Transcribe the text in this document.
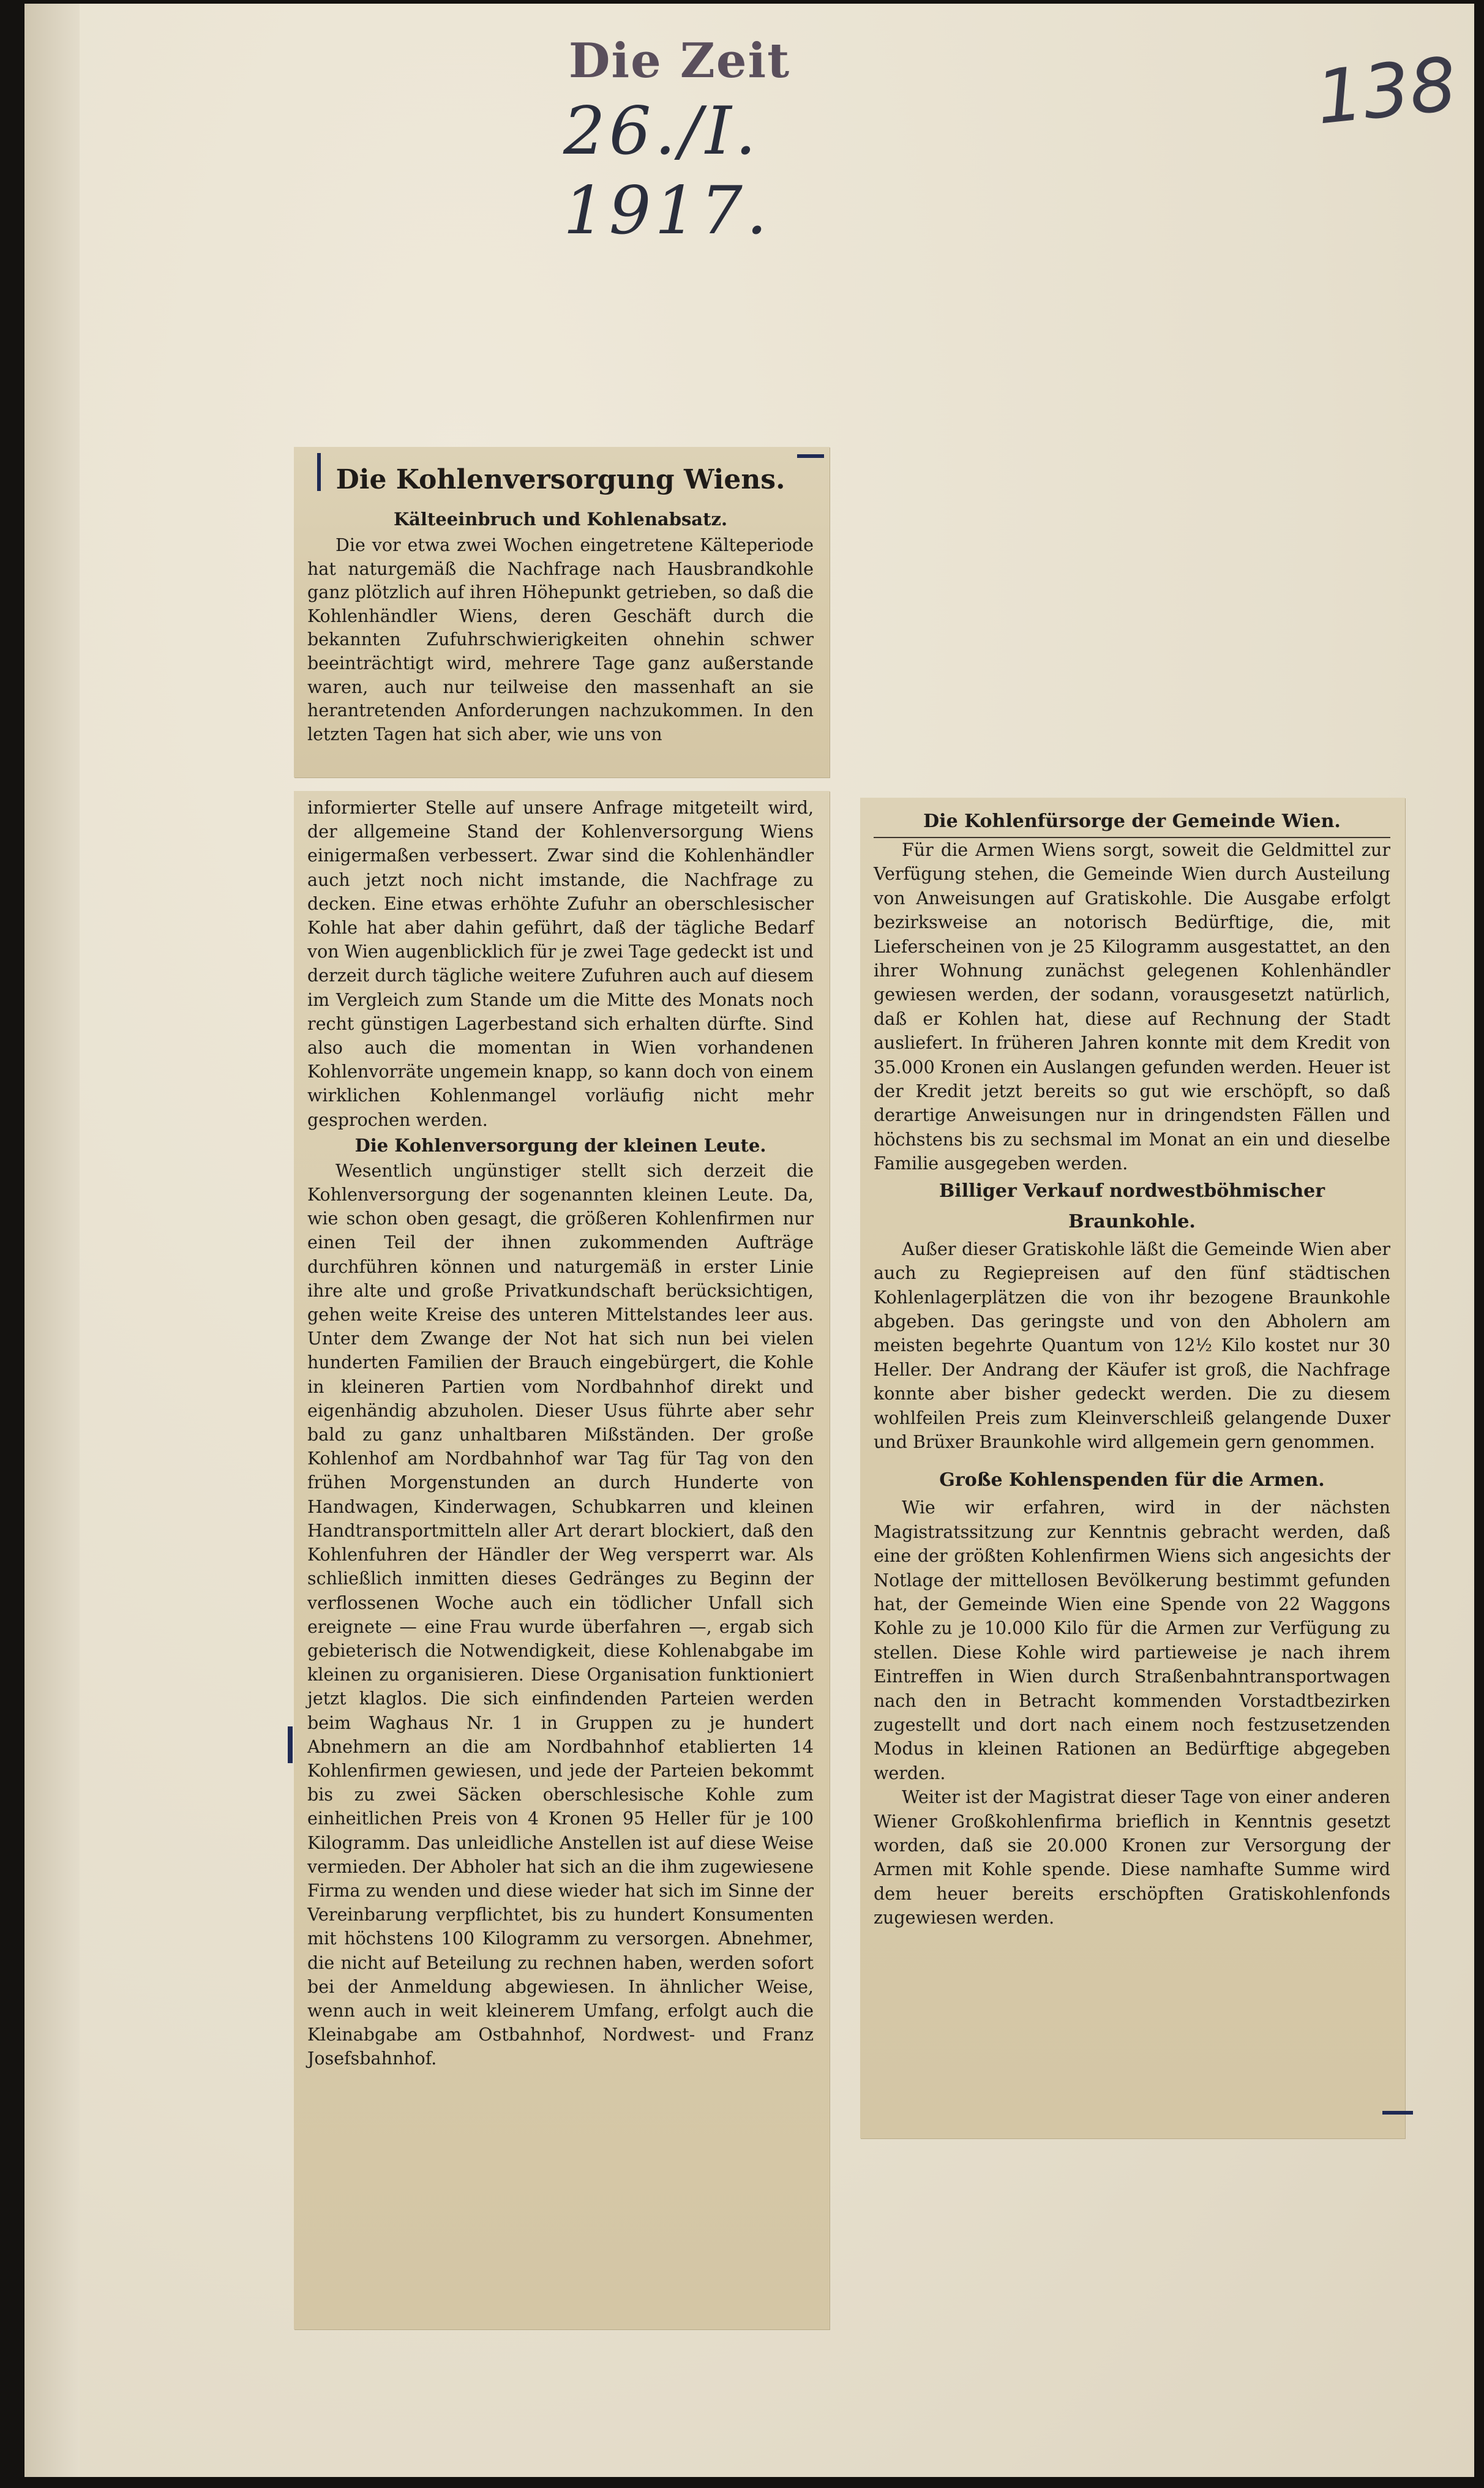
Die Zeit
26./I. 1917.
138
Die Kohlenversorgung Wiens.
Kälteeinbruch und Kohlenabsatz.

Die vor etwa zwei Wochen eingetretene Kälteperiode hat naturgemäß die Nachfrage nach Hausbrandkohle ganz plötzlich auf ihren Höhepunkt getrieben, so daß die Kohlenhändler Wiens, deren Geschäft durch die bekannten Zufuhrschwierigkeiten ohnehin schwer beeinträchtigt wird, mehrere Tage ganz außerstande waren, auch nur teilweise den massenhaft an sie herantretenden Anforderungen nachzukommen. In den letzten Tagen hat sich aber, wie uns von

informierter Stelle auf unsere Anfrage mitgeteilt wird, der allgemeine Stand der Kohlenversorgung Wiens einigermaßen verbessert. Zwar sind die Kohlenhändler auch jetzt noch nicht imstande, die Nachfrage zu decken. Eine etwas erhöhte Zufuhr an oberschlesischer Kohle hat aber dahin geführt, daß der tägliche Bedarf von Wien augenblicklich für je zwei Tage gedeckt ist und derzeit durch tägliche weitere Zufuhren auch auf diesem im Vergleich zum Stande um die Mitte des Monats noch recht günstigen Lagerbestand sich erhalten dürfte. Sind also auch die momentan in Wien vorhandenen Kohlenvorräte ungemein knapp, so kann doch von einem wirklichen Kohlenmangel vorläufig nicht mehr gesprochen werden.

Die Kohlenversorgung der kleinen Leute.

Wesentlich ungünstiger stellt sich derzeit die Kohlenversorgung der sogenannten kleinen Leute. Da, wie schon oben gesagt, die größeren Kohlenfirmen nur einen Teil der ihnen zukommenden Aufträge durchführen können und naturgemäß in erster Linie ihre alte und große Privatkundschaft berücksichtigen, gehen weite Kreise des unteren Mittelstandes leer aus. Unter dem Zwange der Not hat sich nun bei vielen hunderten Familien der Brauch eingebürgert, die Kohle in kleineren Partien vom Nordbahnhof direkt und eigenhändig abzuholen. Dieser Usus führte aber sehr bald zu ganz unhaltbaren Mißständen. Der große Kohlenhof am Nordbahnhof war Tag für Tag von den frühen Morgenstunden an durch Hunderte von Handwagen, Kinderwagen, Schubkarren und kleinen Handtransportmitteln aller Art derart blockiert, daß den Kohlenfuhren der Händler der Weg versperrt war. Als schließlich inmitten dieses Gedränges zu Beginn der verflossenen Woche auch ein tödlicher Unfall sich ereignete — eine Frau wurde überfahren —, ergab sich gebieterisch die Notwendigkeit, diese Kohlenabgabe im kleinen zu organisieren. Diese Organisation funktioniert jetzt klaglos. Die sich einfindenden Parteien werden beim Waghaus Nr. 1 in Gruppen zu je hundert Abnehmern an die am Nordbahnhof etablierten 14 Kohlenfirmen gewiesen, und jede der Parteien bekommt bis zu zwei Säcken oberschlesische Kohle zum einheitlichen Preis von 4 Kronen 95 Heller für je 100 Kilogramm. Das unleidliche Anstellen ist auf diese Weise vermieden. Der Abholer hat sich an die ihm zugewiesene Firma zu wenden und diese wieder hat sich im Sinne der Vereinbarung verpflichtet, bis zu hundert Konsumenten mit höchstens 100 Kilogramm zu versorgen. Abnehmer, die nicht auf Beteilung zu rechnen haben, werden sofort bei der Anmeldung abgewiesen. In ähnlicher Weise, wenn auch in weit kleinerem Umfang, erfolgt auch die Kleinabgabe am Ostbahnhof, Nordwest- und Franz Josefsbahnhof.

Die Kohlenfürsorge der Gemeinde Wien.

Für die Armen Wiens sorgt, soweit die Geldmittel zur Verfügung stehen, die Gemeinde Wien durch Austeilung von Anweisungen auf Gratiskohle. Die Ausgabe erfolgt bezirksweise an notorisch Bedürftige, die, mit Lieferscheinen von je 25 Kilogramm ausgestattet, an den ihrer Wohnung zunächst gelegenen Kohlenhändler gewiesen werden, der sodann, vorausgesetzt natürlich, daß er Kohlen hat, diese auf Rechnung der Stadt ausliefert. In früheren Jahren konnte mit dem Kredit von 35.000 Kronen ein Auslangen gefunden werden. Heuer ist der Kredit jetzt bereits so gut wie erschöpft, so daß derartige Anweisungen nur in dringendsten Fällen und höchstens bis zu sechsmal im Monat an ein und dieselbe Familie ausgegeben werden.

Billiger Verkauf nordwestböhmischer Braunkohle.

Außer dieser Gratiskohle läßt die Gemeinde Wien aber auch zu Regiepreisen auf den fünf städtischen Kohlenlagerplätzen die von ihr bezogene Braunkohle abgeben. Das geringste und von den Abholern am meisten begehrte Quantum von 12½ Kilo kostet nur 30 Heller. Der Andrang der Käufer ist groß, die Nachfrage konnte aber bisher gedeckt werden. Die zu diesem wohlfeilen Preis zum Kleinverschleiß gelangende Duxer und Brüxer Braunkohle wird allgemein gern genommen.

Große Kohlenspenden für die Armen.

Wie wir erfahren, wird in der nächsten Magistratssitzung zur Kenntnis gebracht werden, daß eine der größten Kohlenfirmen Wiens sich angesichts der Notlage der mittellosen Bevölkerung bestimmt gefunden hat, der Gemeinde Wien eine Spende von 22 Waggons Kohle zu je 10.000 Kilo für die Armen zur Verfügung zu stellen. Diese Kohle wird partieweise je nach ihrem Eintreffen in Wien durch Straßenbahntransportwagen nach den in Betracht kommenden Vorstadtbezirken zugestellt und dort nach einem noch festzusetzenden Modus in kleinen Rationen an Bedürftige abgegeben werden.

Weiter ist der Magistrat dieser Tage von einer anderen Wiener Großkohlenfirma brieflich in Kenntnis gesetzt worden, daß sie 20.000 Kronen zur Versorgung der Armen mit Kohle spende. Diese namhafte Summe wird dem heuer bereits erschöpften Gratiskohlenfonds zugewiesen werden.
